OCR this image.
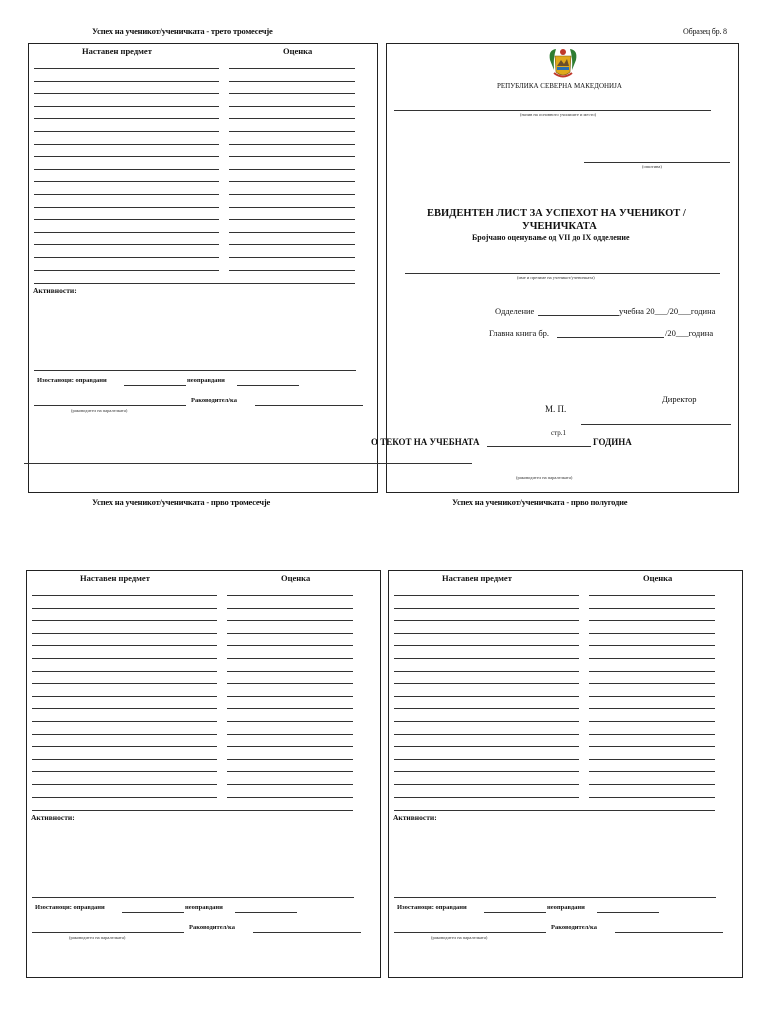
Успех на ученикот/ученичката - трето тромесечје	Образец бр. 8
Наставен предмет	Оценка
Активности:
Изостаноци: оправдани	неоправдани
Раководител/ка
(раководител на паралелката)
РЕПУБЛИКА СЕВЕРНА МАКЕДОНИЈА
(назив на основното училиште и место)
(општина)
ЕВИДЕНТЕН ЛИСТ ЗА УСПЕХОТ НА УЧЕНИКОТ /
УЧЕНИЧКАТА
Бројчано оценување од VII до IX одделение
(име и презиме на ученикот/ученичката)
Одделение	учебна 20___/20___година
Главна книга бр.	/20___година
Директор
М. П.
стр.1
(раководител на паралелката)
О ТЕКОТ НА УЧЕБНАТА	ГОДИНА
Успех на ученикот/ученичката - прво тромесечје	Успех на ученикот/ученичката - прво полугодие
Наставен предмет	Оценка
Активности:
Изостаноци: оправдани	неоправдани
Раководител/ка
(раководител на паралелката)
Наставен предмет	Оценка
Активности:
Изостаноци: оправдани	неоправдани
Раководител/ка
(раководител на паралелката)
